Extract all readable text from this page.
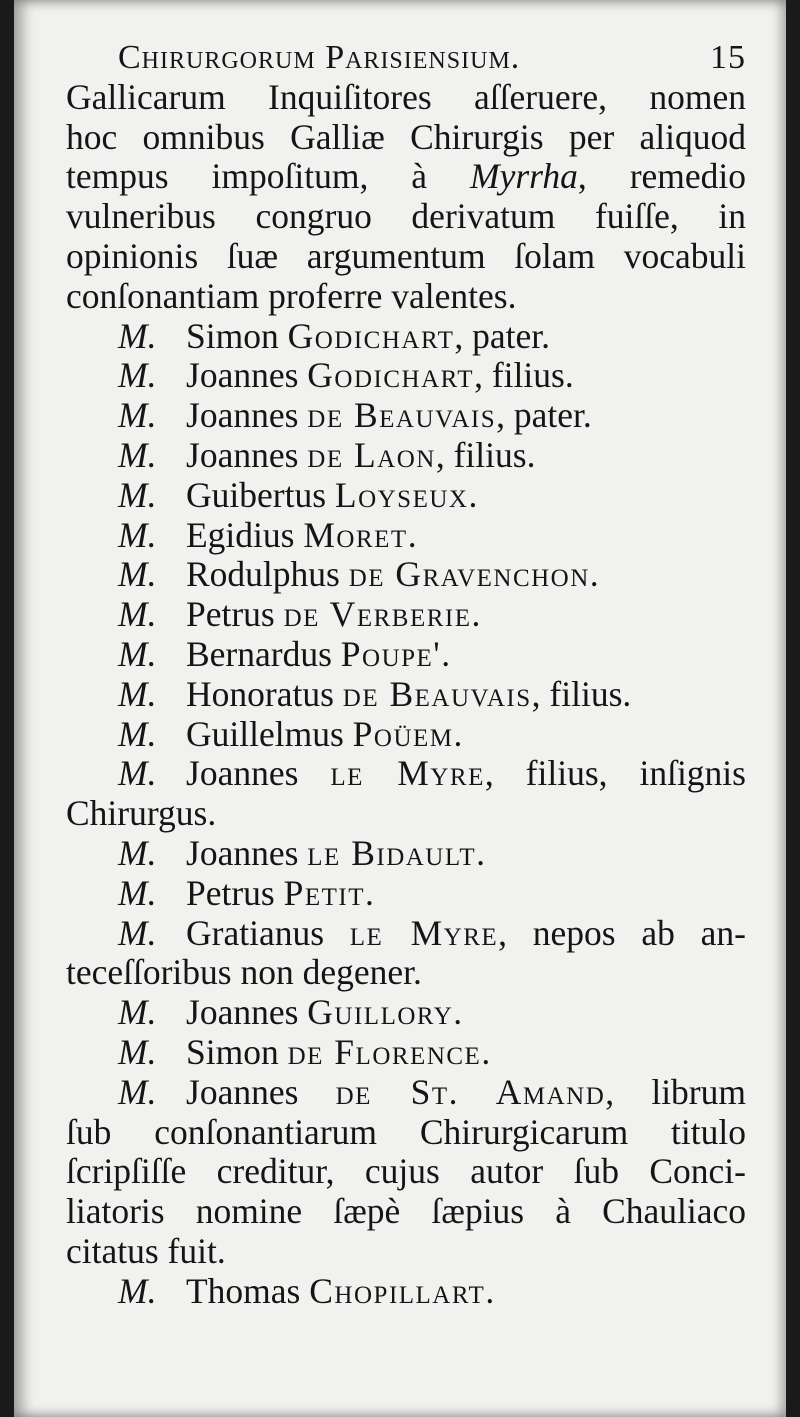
Chirurgorum Parisiensium.	15
Gallicarum Inquiſitores aſſeruere, nomen
hoc omnibus Galliæ Chirurgis per aliquod
tempus impoſitum, à Myrrha, remedio
vulneribus congruo derivatum fuiſſe, in
opinionis ſuæ argumentum ſolam vocabuli
conſonantiam proferre valentes.
M. Simon Godichart, pater.
M. Joannes Godichart, filius.
M. Joannes de Beauvais, pater.
M. Joannes de Laon, filius.
M. Guibertus Loyseux.
M. Egidius Moret.
M. Rodulphus de Gravenchon.
M. Petrus de Verberie.
M. Bernardus Poupe'.
M. Honoratus de Beauvais, filius.
M. Guillelmus Poüem.
M. Joannes le Myre, filius, inſignis
Chirurgus.
M. Joannes le Bidault.
M. Petrus Petit.
M. Gratianus le Myre, nepos ab an-
teceſſoribus non degener.
M. Joannes Guillory.
M. Simon de Florence.
M. Joannes de St. Amand, librum
ſub conſonantiarum Chirurgicarum titulo
ſcripſiſſe creditur, cujus autor ſub Conci-
liatoris nomine ſæpè ſæpius à Chauliaco
citatus fuit.
M. Thomas Chopillart.
